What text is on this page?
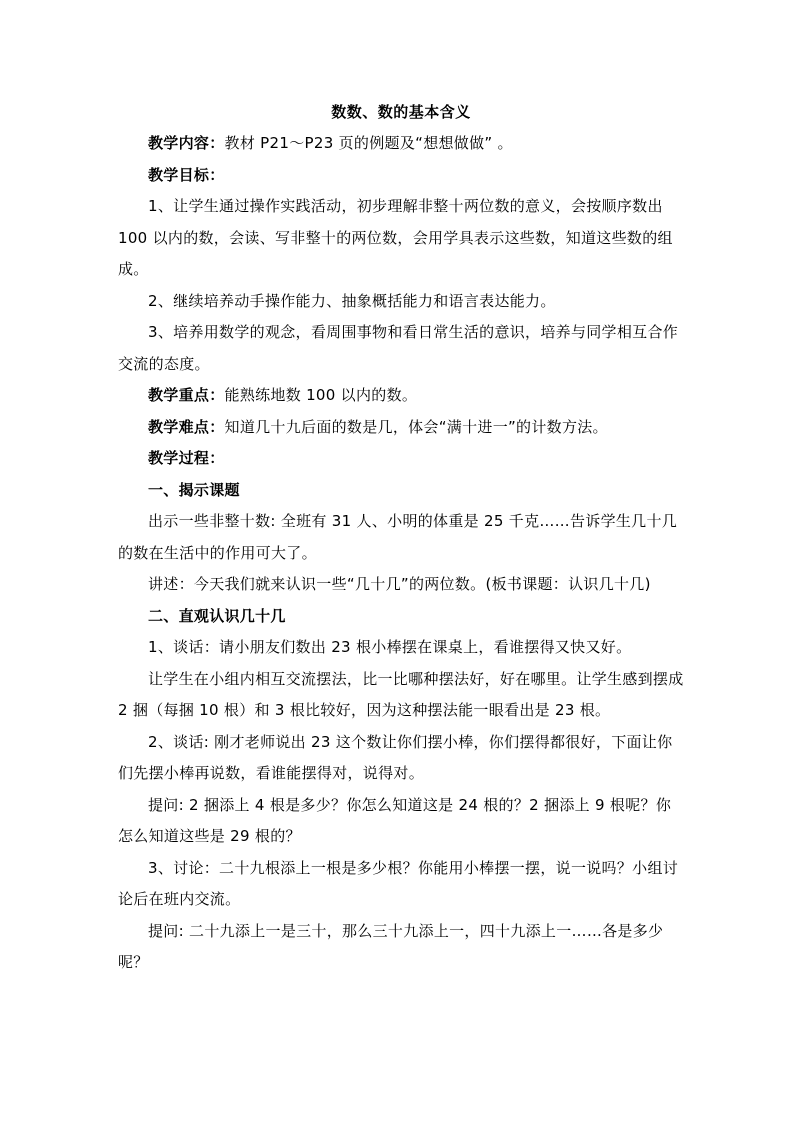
数数、数的基本含义

教学内容：教材 P21～P23 页的例题及“想想做做” 。

教学目标：

1、让学生通过操作实践活动，初步理解非整十两位数的意义，会按顺序数出 100 以内的数，会读、写非整十的两位数，会用学具表示这些数，知道这些数的组成。

2、继续培养动手操作能力、抽象概括能力和语言表达能力。

3、培养用数学的观念，看周围事物和看日常生活的意识，培养与同学相互合作交流的态度。

教学重点：能熟练地数 100 以内的数。

教学难点：知道几十九后面的数是几，体会“满十进一”的计数方法。

教学过程：

一、揭示课题

出示一些非整十数: 全班有 31 人、小明的体重是 25 千克……告诉学生几十几的数在生活中的作用可大了。

讲述：今天我们就来认识一些“几十几”的两位数。(板书课题：认识几十几)

二、直观认识几十几

1、谈话：请小朋友们数出 23 根小棒摆在课桌上，看谁摆得又快又好。

让学生在小组内相互交流摆法，比一比哪种摆法好，好在哪里。让学生感到摆成 2 捆（每捆 10 根）和 3 根比较好，因为这种摆法能一眼看出是 23 根。

2、谈话: 刚才老师说出 23 这个数让你们摆小棒，你们摆得都很好，下面让你们先摆小棒再说数，看谁能摆得对，说得对。

提问: 2 捆添上 4 根是多少？你怎么知道这是 24 根的？2 捆添上 9 根呢？你怎么知道这些是 29 根的？

3、讨论：二十九根添上一根是多少根？你能用小棒摆一摆，说一说吗？小组讨论后在班内交流。

提问: 二十九添上一是三十，那么三十九添上一，四十九添上一……各是多少呢？
